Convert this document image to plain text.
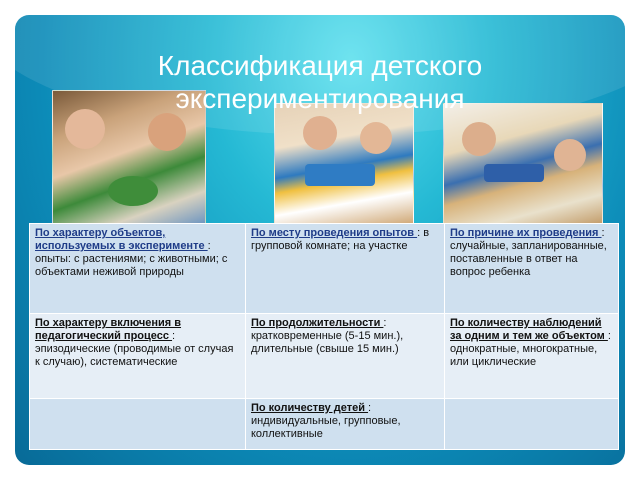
Классификация детского
экспериментирования
По характеру объектов, используемых в эксперименте : опыты: с растениями; с животными; с объектами неживой природы	По месту проведения опытов : в групповой комнате; на участке	По причине их проведения : случайные, запланированные, поставленные в ответ на вопрос ребенка
По характеру включения в педагогический процесс : эпизодические (проводимые от случая к случаю), систематические	По продолжительности : кратковременные (5-15 мин.), длительные (свыше 15 мин.)	По количеству наблюдений за одним и тем же объектом : однократные, многократные, или циклические
	По количеству детей : индивидуальные, групповые, коллективные	
